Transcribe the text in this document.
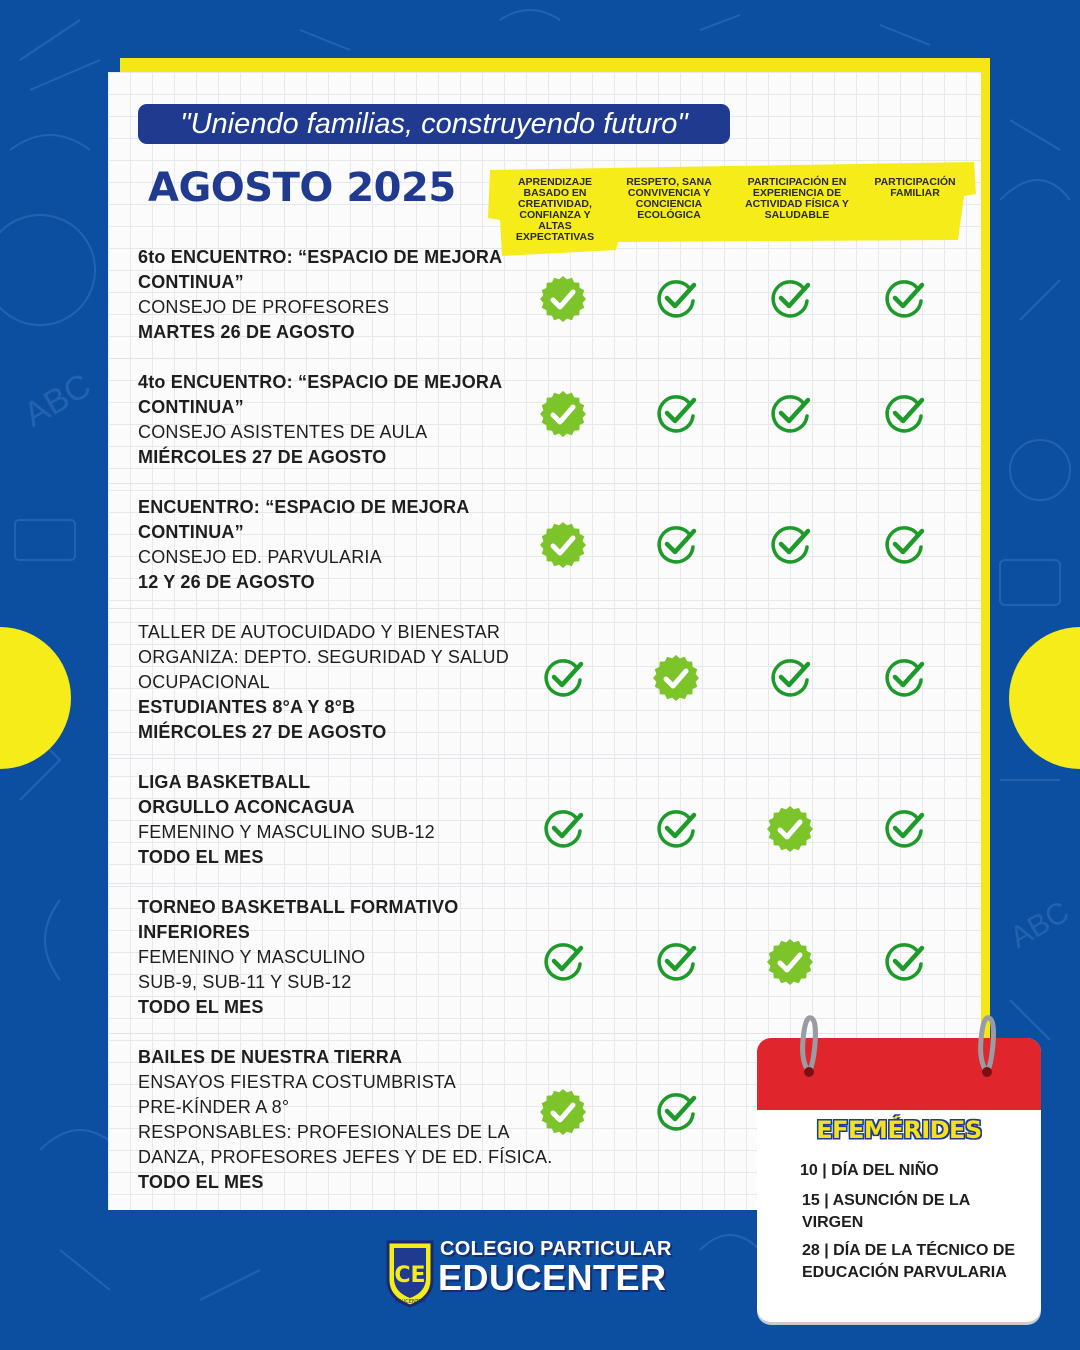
ABC
ABC
"Uniendo familias, construyendo futuro"
AGOSTO 2025	APRENDIZAJE
BASADO EN
CREATIVIDAD,
CONFIANZA Y
ALTAS
EXPECTATIVAS
RESPETO, SANA
CONVIVENCIA Y
CONCIENCIA
ECOLÓGICA
PARTICIPACIÓN EN
EXPERIENCIA DE
ACTIVIDAD FÍSICA Y
SALUDABLE
PARTICIPACIÓN
FAMILIAR
6to ENCUENTRO: “ESPACIO DE MEJORA
CONTINUA”
CONSEJO DE PROFESORES
MARTES 26 DE AGOSTO
4to ENCUENTRO: “ESPACIO DE MEJORA
CONTINUA”
CONSEJO ASISTENTES DE AULA
MIÉRCOLES 27 DE AGOSTO
ENCUENTRO: “ESPACIO DE MEJORA
CONTINUA”
CONSEJO ED. PARVULARIA
12 Y 26 DE AGOSTO
TALLER DE AUTOCUIDADO Y BIENESTAR
ORGANIZA: DEPTO. SEGURIDAD Y SALUD
OCUPACIONAL
ESTUDIANTES 8°A Y 8°B
MIÉRCOLES 27 DE AGOSTO
LIGA BASKETBALL
ORGULLO ACONCAGUA
FEMENINO Y MASCULINO SUB-12
TODO EL MES
TORNEO BASKETBALL FORMATIVO
INFERIORES
FEMENINO Y MASCULINO
SUB-9, SUB-11 Y SUB-12
TODO EL MES
BAILES DE NUESTRA TIERRA
ENSAYOS FIESTRA COSTUMBRISTA
PRE-KÍNDER A 8°
RESPONSABLES: PROFESIONALES DE LA
DANZA, PROFESORES JEFES Y DE ED. FÍSICA.
TODO EL MES
EFEMÉRIDES
10 | DÍA DEL NIÑO
15 | ASUNCIÓN DE LA VIRGEN
28 | DÍA DE LA TÉCNICO DE EDUCACIÓN PARVULARIA
CE
EDUCENTER
COLEGIO PARTICULAR
EDUCENTER
